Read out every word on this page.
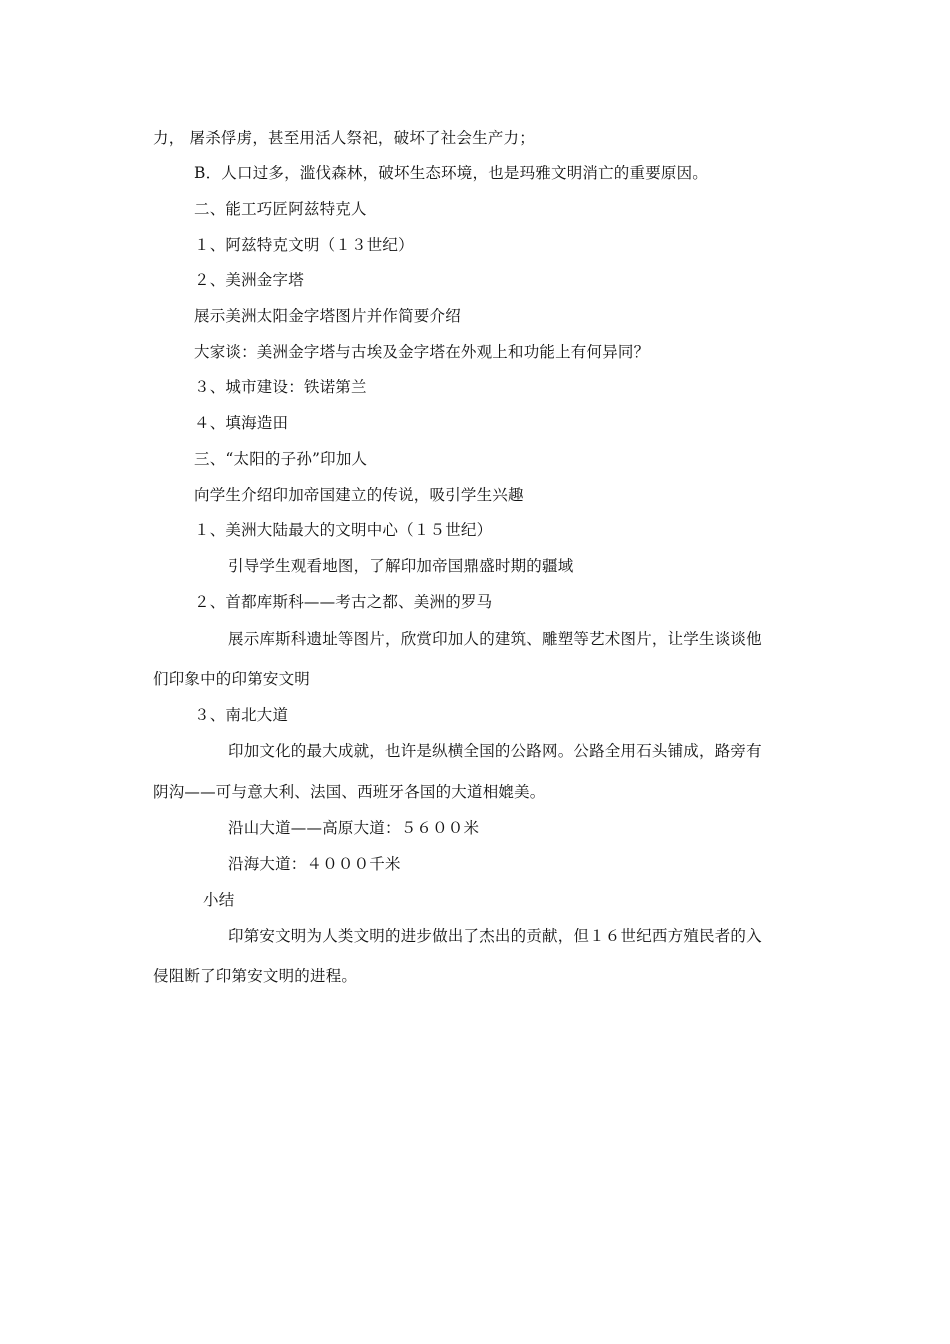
力， 屠杀俘虏，甚至用活人祭祀，破坏了社会生产力；
B．人口过多，滥伐森林，破坏生态环境，也是玛雅文明消亡的重要原因。
二、能工巧匠阿兹特克人
１、阿兹特克文明（１３世纪）
２、美洲金字塔
展示美洲太阳金字塔图片并作简要介绍
大家谈：美洲金字塔与古埃及金字塔在外观上和功能上有何异同？
３、城市建设：铁诺第兰
４、填海造田
三、“太阳的子孙”印加人
向学生介绍印加帝国建立的传说，吸引学生兴趣
１、美洲大陆最大的文明中心（１５世纪）
引导学生观看地图，了解印加帝国鼎盛时期的疆域
２、首都库斯科——考古之都、美洲的罗马
展示库斯科遗址等图片，欣赏印加人的建筑、雕塑等艺术图片，让学生谈谈他
们印象中的印第安文明
３、南北大道
印加文化的最大成就，也许是纵横全国的公路网。公路全用石头铺成，路旁有
阴沟——可与意大利、法国、西班牙各国的大道相媲美。
沿山大道——高原大道：５６００米
沿海大道：４０００千米
小结
印第安文明为人类文明的进步做出了杰出的贡献，但１６世纪西方殖民者的入
侵阻断了印第安文明的进程。
